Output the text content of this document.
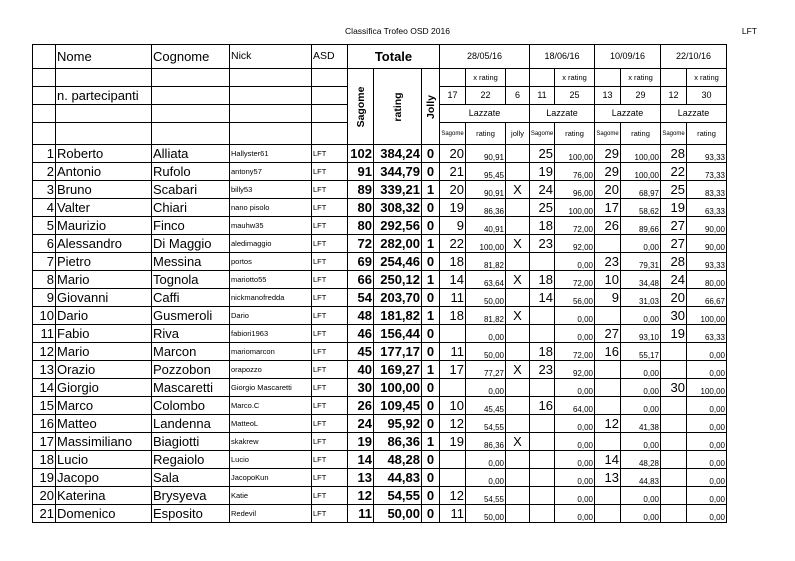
Classifica Trofeo OSD 2016	LFT
	Nome	Cognome	Nick	ASD	Totale			28/05/16			18/06/16		10/09/16		22/10/16	

					Sagome	rating	Jolly		x rating			x rating		x rating		x rating
	n. partecipanti							17	22	6	11	25	13	29	12	30
								Lazzate			Lazzate		Lazzate		Lazzate	
								Sagome	rating	jolly	Sagome	rating	Sagome	rating	Sagome	rating
1	Roberto	Alliata	Hallyster61	LFT	102	384,24	0	20	90,91		25	100,00	29	100,00	28	93,33
2	Antonio	Rufolo	antony57	LFT	91	344,79	0	21	95,45		19	76,00	29	100,00	22	73,33
3	Bruno	Scabari	billy53	LFT	89	339,21	1	20	90,91	X	24	96,00	20	68,97	25	83,33
4	Valter	Chiari	nano pisolo	LFT	80	308,32	0	19	86,36		25	100,00	17	58,62	19	63,33
5	Maurizio	Finco	mauhw35	LFT	80	292,56	0	9	40,91		18	72,00	26	89,66	27	90,00
6	Alessandro	Di Maggio	aledimaggio	LFT	72	282,00	1	22	100,00	X	23	92,00		0,00	27	90,00
7	Pietro	Messina	portos	LFT	69	254,46	0	18	81,82			0,00	23	79,31	28	93,33
8	Mario	Tognola	mariotto55	LFT	66	250,12	1	14	63,64	X	18	72,00	10	34,48	24	80,00
9	Giovanni	Caffi	nickmanofredda	LFT	54	203,70	0	11	50,00		14	56,00	9	31,03	20	66,67
10	Dario	Gusmeroli	Dario	LFT	48	181,82	1	18	81,82	X		0,00		0,00	30	100,00
11	Fabio	Riva	fabiori1963	LFT	46	156,44	0		0,00			0,00	27	93,10	19	63,33
12	Mario	Marcon	mariomarcon	LFT	45	177,17	0	11	50,00		18	72,00	16	55,17		0,00
13	Orazio	Pozzobon	orapozzo	LFT	40	169,27	1	17	77,27	X	23	92,00		0,00		0,00
14	Giorgio	Mascaretti	Giorgio Mascaretti	LFT	30	100,00	0		0,00			0,00		0,00	30	100,00
15	Marco	Colombo	Marco.C	LFT	26	109,45	0	10	45,45		16	64,00		0,00		0,00
16	Matteo	Landenna	MatteoL	LFT	24	95,92	0	12	54,55			0,00	12	41,38		0,00
17	Massimiliano	Biagiotti	skakrew	LFT	19	86,36	1	19	86,36	X		0,00		0,00		0,00
18	Lucio	Regaiolo	Lucio	LFT	14	48,28	0		0,00			0,00	14	48,28		0,00
19	Jacopo	Sala	JacopoKun	LFT	13	44,83	0		0,00			0,00	13	44,83		0,00
20	Katerina	Brysyeva	Katie	LFT	12	54,55	0	12	54,55			0,00		0,00		0,00
21	Domenico	Esposito	Redevil	LFT	11	50,00	0	11	50,00			0,00		0,00		0,00
